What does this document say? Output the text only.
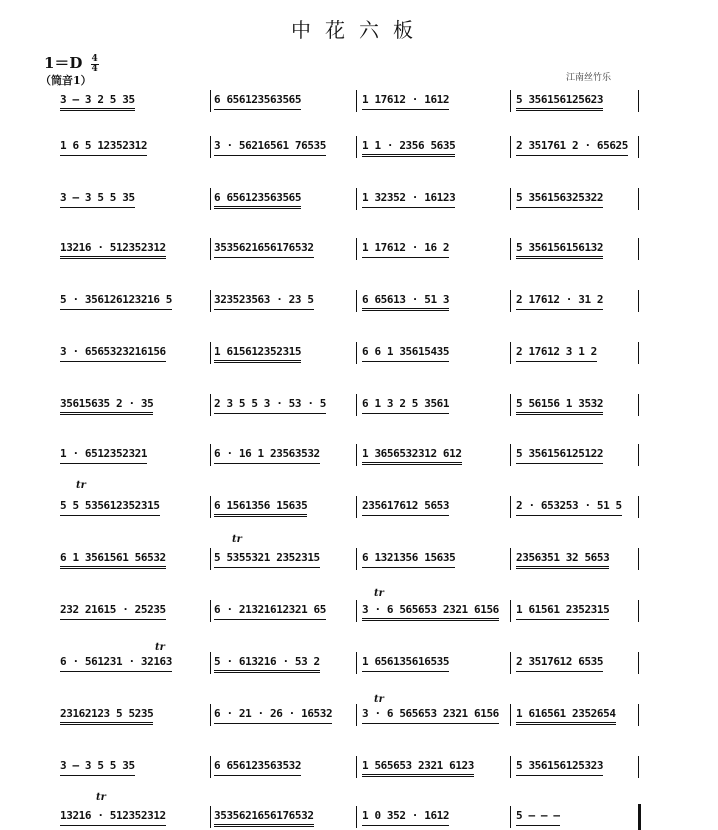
中花六板
$1=D \frac{4}{4}$
（筒音1）	江南丝竹乐
3 – 3 2 5 35	6 656123563565	1 17612 · 1612	5 356156125623
⌒
1 6 5 12352312	3 · 56216561 76535	1 1 · 2356 5635	2 351761 2 · 65625
3 – 3 5 5 35	6 656123563565	1 32352 · 16123	5 356156325322
13216 · 512352312	3535621656176532	1 17612 · 16 2	5 356156156132
5 · 356126123216 5	323523563 · 23 5	6 65613 · 51 3	2 17612 · 31 2
3 · 6565323216156	1 615612352315	6 6 1 35615435	2 17612 3 1 2
35615635 2 · 35	2 3 5 5 3 · 53 · 5	6 1 3 2 5 3561	5 56156 1 3532
1 · 6512352321	6 · 16 1 23563532	1 3656532312 612	5 356156125122
5 5 535612352315	6 1561356 15635	235617612 5653	2 · 653253 · 51 5
6 1 3561561 56532	5 5355321 2352315	6 1321356 15635	2356351 32 5653
232 21615 · 25235	6 · 21321612321 65	3 · 6 565653 2321 6156	1 61561 2352315
6 · 561231 · 32163	5 · 613216 · 53 2	1 656135616535	2 3517612 6535
23162123 5 5235	6 · 21 · 26 · 16532	3 · 6 565653 2321 6156	1 616561 2352654
3 – 3 5 5 35	6 656123563532	1 565653 2321 6123	5 356156125323
13216 · 512352312	3535621656176532	1 0 352 · 1612	5 – – –
tr
tr
tr
tr
tr
tr
